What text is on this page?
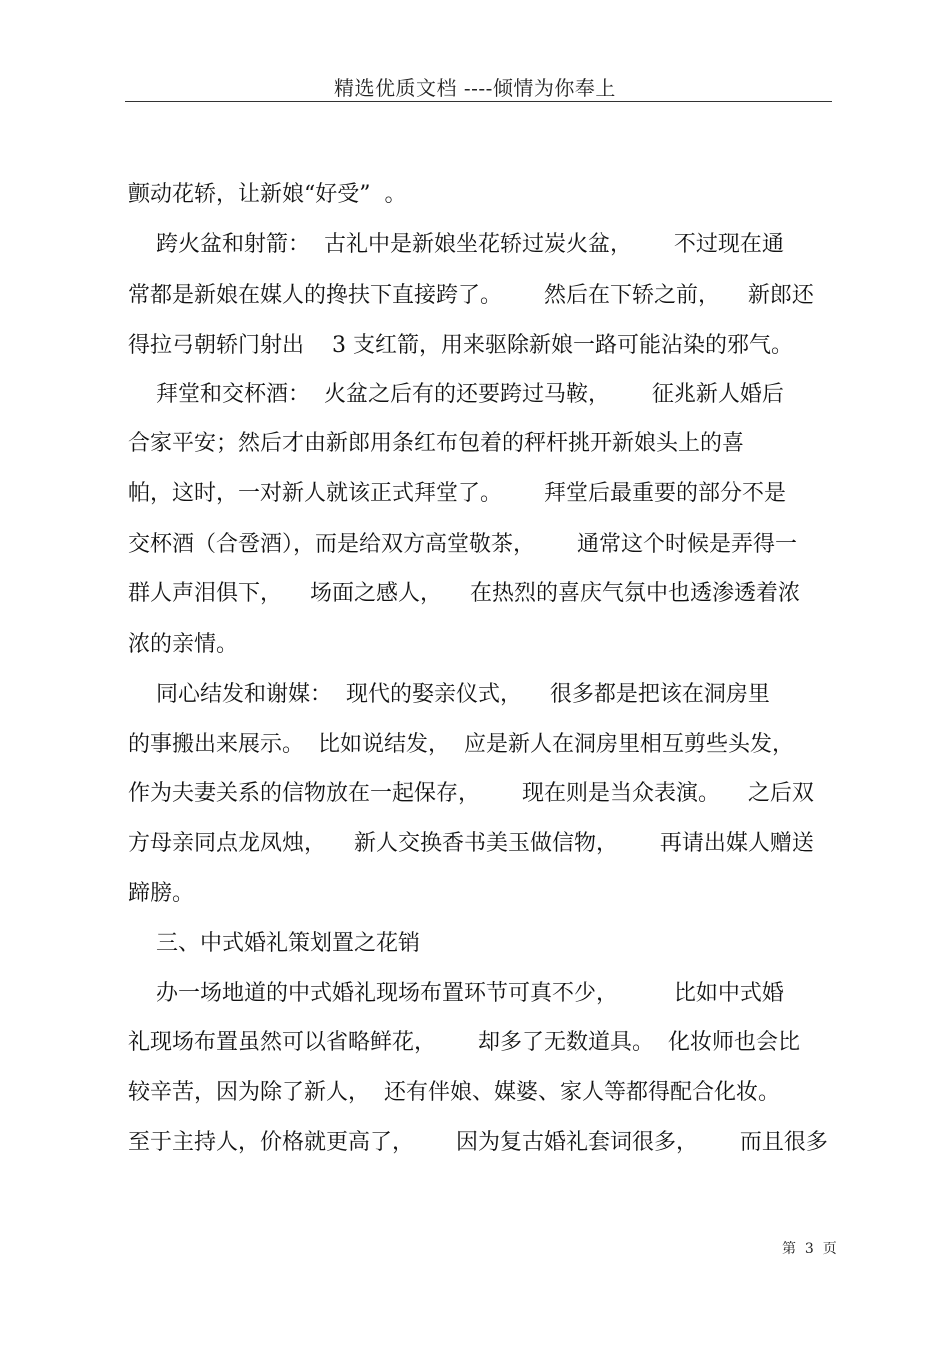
精选优质文档 ----倾情为你奉上
颤动花轿，让新娘“好受”  。
跨火盆和射箭：  古礼中是新娘坐花轿过炭火盆，      不过现在通
常都是新娘在媒人的搀扶下直接跨了。      然后在下轿之前，    新郎还
得拉弓朝轿门射出    3 支红箭，用来驱除新娘一路可能沾染的邪气。
拜堂和交杯酒：  火盆之后有的还要跨过马鞍，      征兆新人婚后
合家平安；然后才由新郎用条红布包着的秤杆挑开新娘头上的喜
帕，这时，一对新人就该正式拜堂了。      拜堂后最重要的部分不是
交杯酒（合卺酒），而是给双方高堂敬茶，      通常这个时候是弄得一
群人声泪俱下，    场面之感人，    在热烈的喜庆气氛中也透渗透着浓
浓的亲情。
同心结发和谢媒：  现代的娶亲仪式，    很多都是把该在洞房里
的事搬出来展示。  比如说结发，  应是新人在洞房里相互剪些头发，
作为夫妻关系的信物放在一起保存，      现在则是当众表演。    之后双
方母亲同点龙凤烛，    新人交换香书美玉做信物，      再请出媒人赠送
蹄膀。
三、中式婚礼策划置之花销
办一场地道的中式婚礼现场布置环节可真不少，        比如中式婚
礼现场布置虽然可以省略鲜花，      却多了无数道具。  化妆师也会比
较辛苦，因为除了新人，  还有伴娘、媒婆、家人等都得配合化妆。
至于主持人，价格就更高了，      因为复古婚礼套词很多，      而且很多
第  3  页
